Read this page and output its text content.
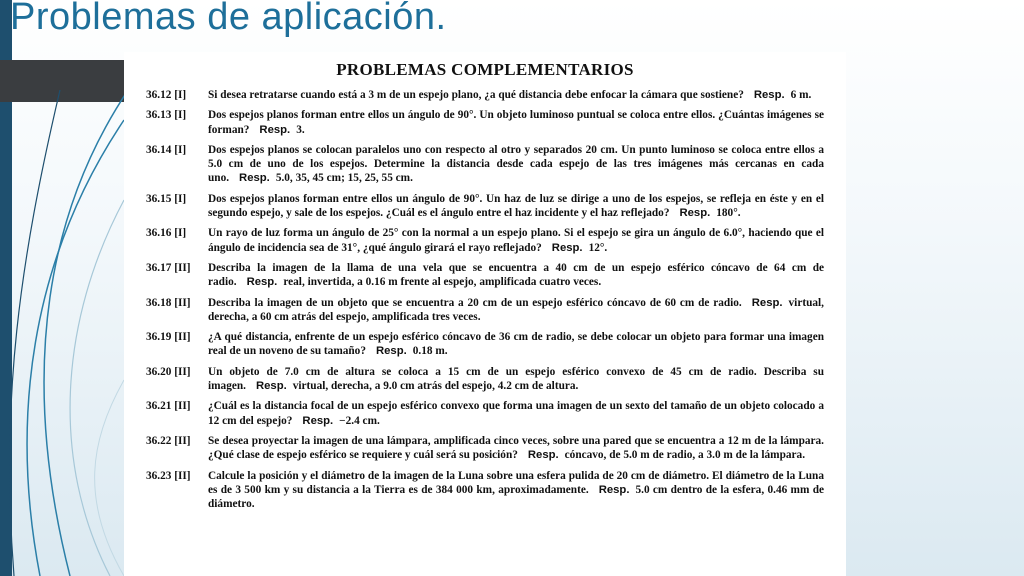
Problemas de aplicación.
PROBLEMAS COMPLEMENTARIOS
36.12 [I]	Si desea retratarse cuando está a 3 m de un espejo plano, ¿a qué distancia debe enfocar la cámara que sostiene? Resp. 6 m.
36.13 [I]	Dos espejos planos forman entre ellos un ángulo de 90°. Un objeto luminoso puntual se coloca entre ellos. ¿Cuántas imágenes se forman? Resp. 3.
36.14 [I]	Dos espejos planos se colocan paralelos uno con respecto al otro y separados 20 cm. Un punto luminoso se coloca entre ellos a 5.0 cm de uno de los espejos. Determine la distancia desde cada espejo de las tres imágenes más cercanas en cada uno. Resp. 5.0, 35, 45 cm; 15, 25, 55 cm.
36.15 [I]	Dos espejos planos forman entre ellos un ángulo de 90°. Un haz de luz se dirige a uno de los espejos, se refleja en éste y en el segundo espejo, y sale de los espejos. ¿Cuál es el ángulo entre el haz incidente y el haz reflejado? Resp. 180°.
36.16 [I]	Un rayo de luz forma un ángulo de 25° con la normal a un espejo plano. Si el espejo se gira un ángulo de 6.0°, haciendo que el ángulo de incidencia sea de 31°, ¿qué ángulo girará el rayo reflejado? Resp. 12°.
36.17 [II]	Describa la imagen de la llama de una vela que se encuentra a 40 cm de un espejo esférico cóncavo de 64 cm de radio. Resp. real, invertida, a 0.16 m frente al espejo, amplificada cuatro veces.
36.18 [II]	Describa la imagen de un objeto que se encuentra a 20 cm de un espejo esférico cóncavo de 60 cm de radio. Resp. virtual, derecha, a 60 cm atrás del espejo, amplificada tres veces.
36.19 [II]	¿A qué distancia, enfrente de un espejo esférico cóncavo de 36 cm de radio, se debe colocar un objeto para formar una imagen real de un noveno de su tamaño? Resp. 0.18 m.
36.20 [II]	Un objeto de 7.0 cm de altura se coloca a 15 cm de un espejo esférico convexo de 45 cm de radio. Describa su imagen. Resp. virtual, derecha, a 9.0 cm atrás del espejo, 4.2 cm de altura.
36.21 [II]	¿Cuál es la distancia focal de un espejo esférico convexo que forma una imagen de un sexto del tamaño de un objeto colocado a 12 cm del espejo? Resp. −2.4 cm.
36.22 [II]	Se desea proyectar la imagen de una lámpara, amplificada cinco veces, sobre una pared que se encuentra a 12 m de la lámpara. ¿Qué clase de espejo esférico se requiere y cuál será su posición? Resp. cóncavo, de 5.0 m de radio, a 3.0 m de la lámpara.
36.23 [II]	Calcule la posición y el diámetro de la imagen de la Luna sobre una esfera pulida de 20 cm de diámetro. El diámetro de la Luna es de 3 500 km y su distancia a la Tierra es de 384 000 km, aproximadamente. Resp. 5.0 cm dentro de la esfera, 0.46 mm de diámetro.
